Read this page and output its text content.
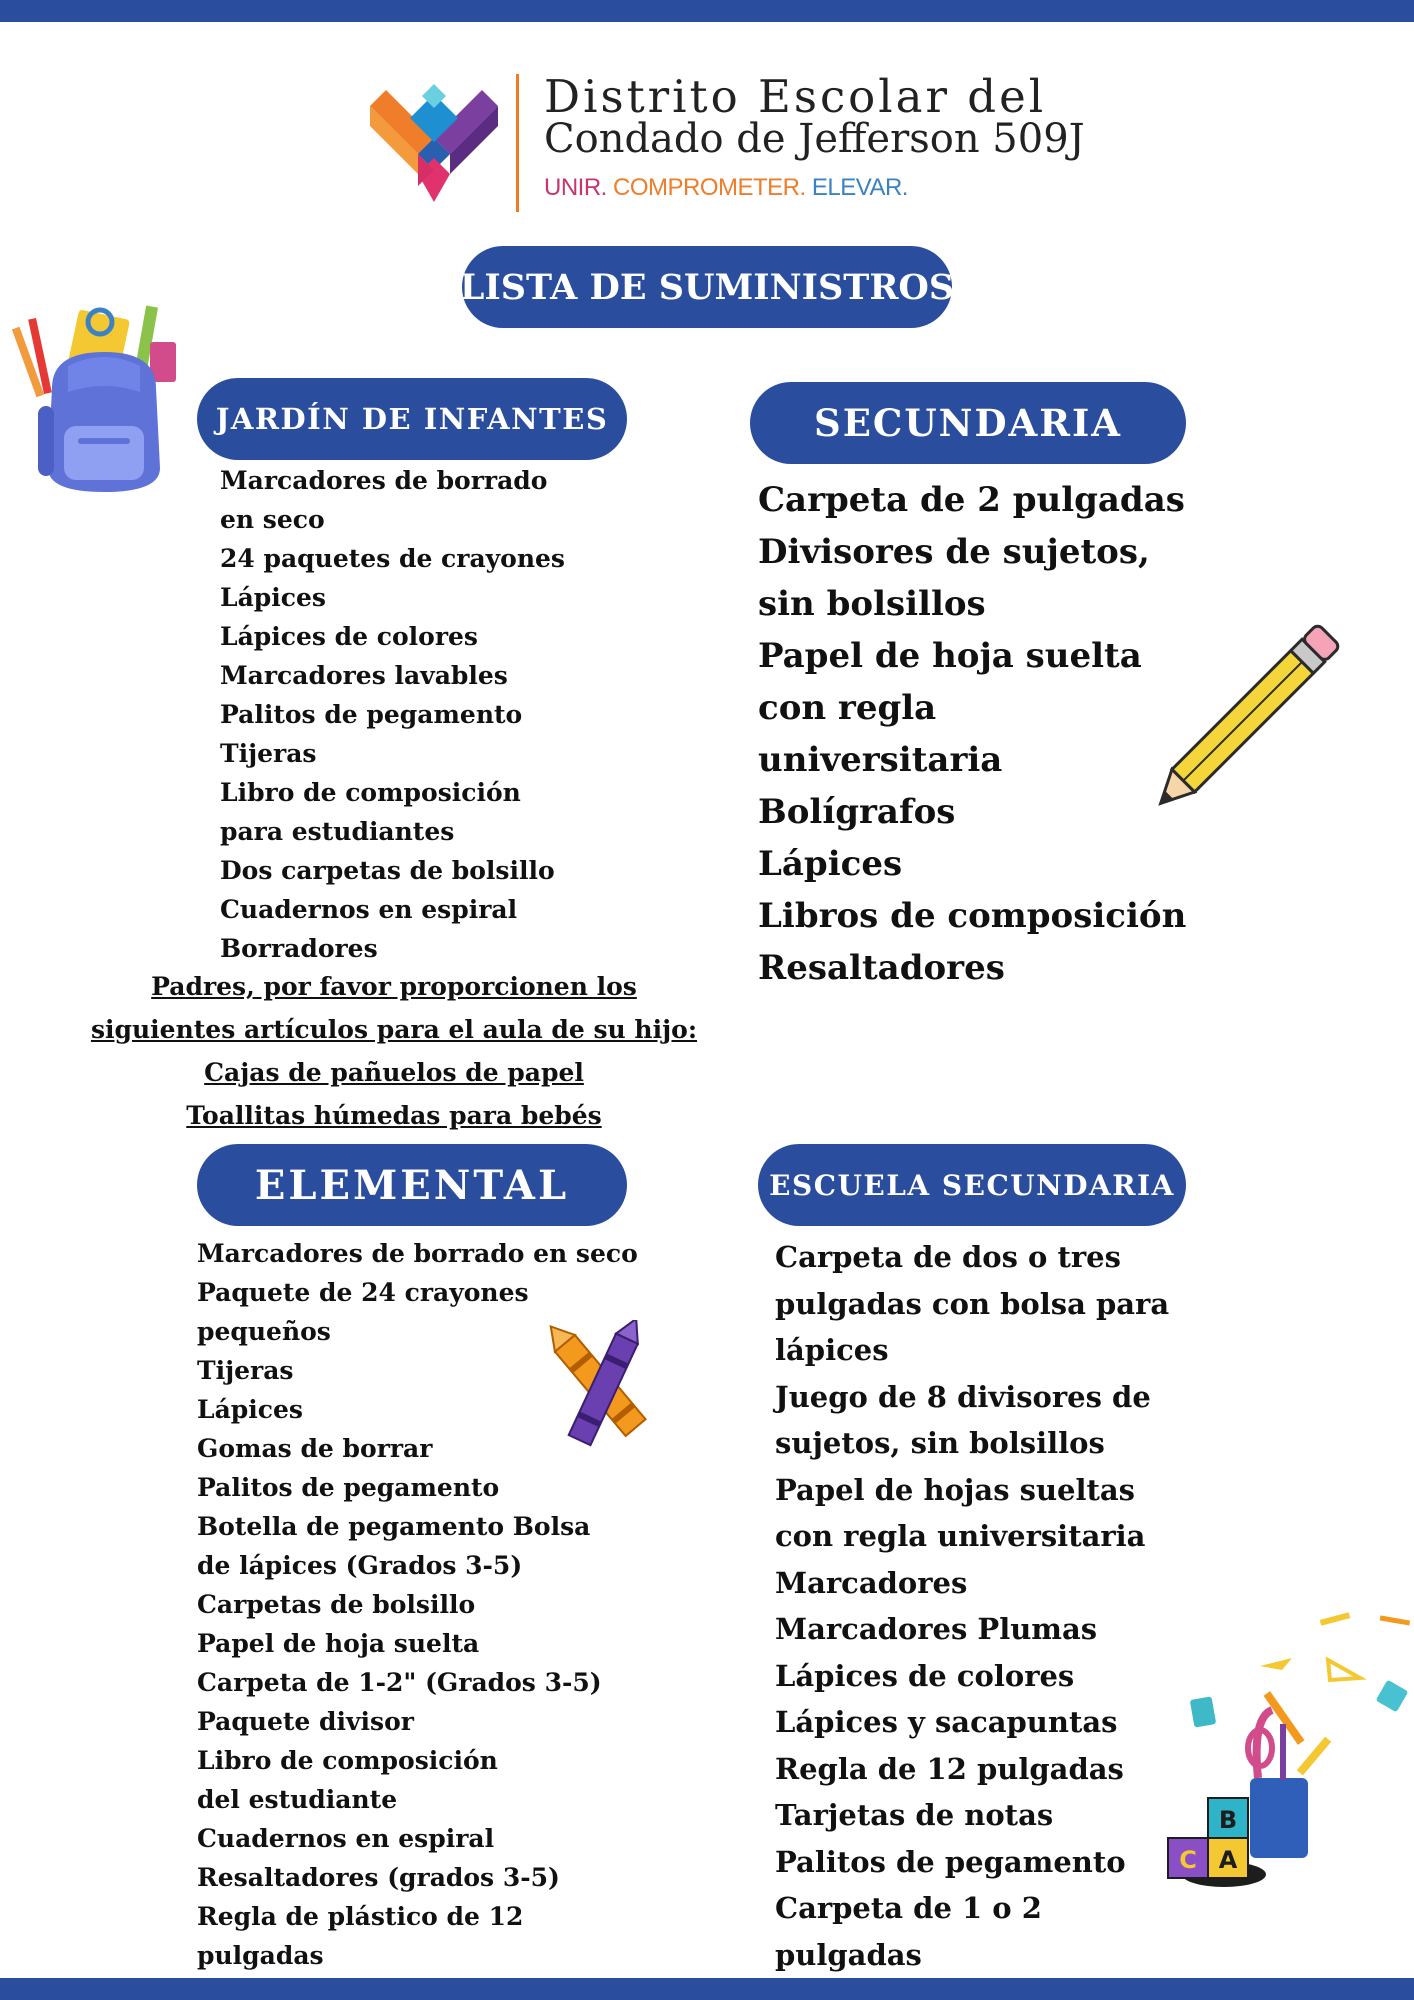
Distrito Escolar del
Condado de Jefferson 509J
UNIR. COMPROMETER. ELEVAR.
LISTA DE SUMINISTROS
JARDÍN DE INFANTES
Marcadores de borrado en seco
24 paquetes de crayones
Lápices
Lápices de colores
Marcadores lavables
Palitos de pegamento
Tijeras
Libro de composición para estudiantes
Dos carpetas de bolsillo
Cuadernos en espiral
Borradores
Padres, por favor proporcionen los
siguientes artículos para el aula de su hijo:
Cajas de pañuelos de papel
Toallitas húmedas para bebés
SECUNDARIA
Carpeta de 2 pulgadas
Divisores de sujetos, sin bolsillos
Papel de hoja suelta con regla universitaria
Bolígrafos
Lápices
Libros de composición
Resaltadores
ELEMENTAL
Marcadores de borrado en seco
Paquete de 24 crayones pequeños
Tijeras
Lápices
Gomas de borrar
Palitos de pegamento
Botella de pegamento Bolsa de lápices (Grados 3-5)
Carpetas de bolsillo
Papel de hoja suelta
Carpeta de 1-2" (Grados 3-5)
Paquete divisor
Libro de composición del estudiante
Cuadernos en espiral Resaltadores (grados 3-5)
Regla de plástico de 12 pulgadas
ESCUELA SECUNDARIA
Carpeta de dos o tres pulgadas con bolsa para lápices
Juego de 8 divisores de sujetos, sin bolsillos
Papel de hojas sueltas con regla universitaria
Marcadores
Marcadores Plumas
Lápices de colores
Lápices y sacapuntas
Regla de 12 pulgadas
Tarjetas de notas
Palitos de pegamento
Carpeta de 1 o 2 pulgadas
B
C A
